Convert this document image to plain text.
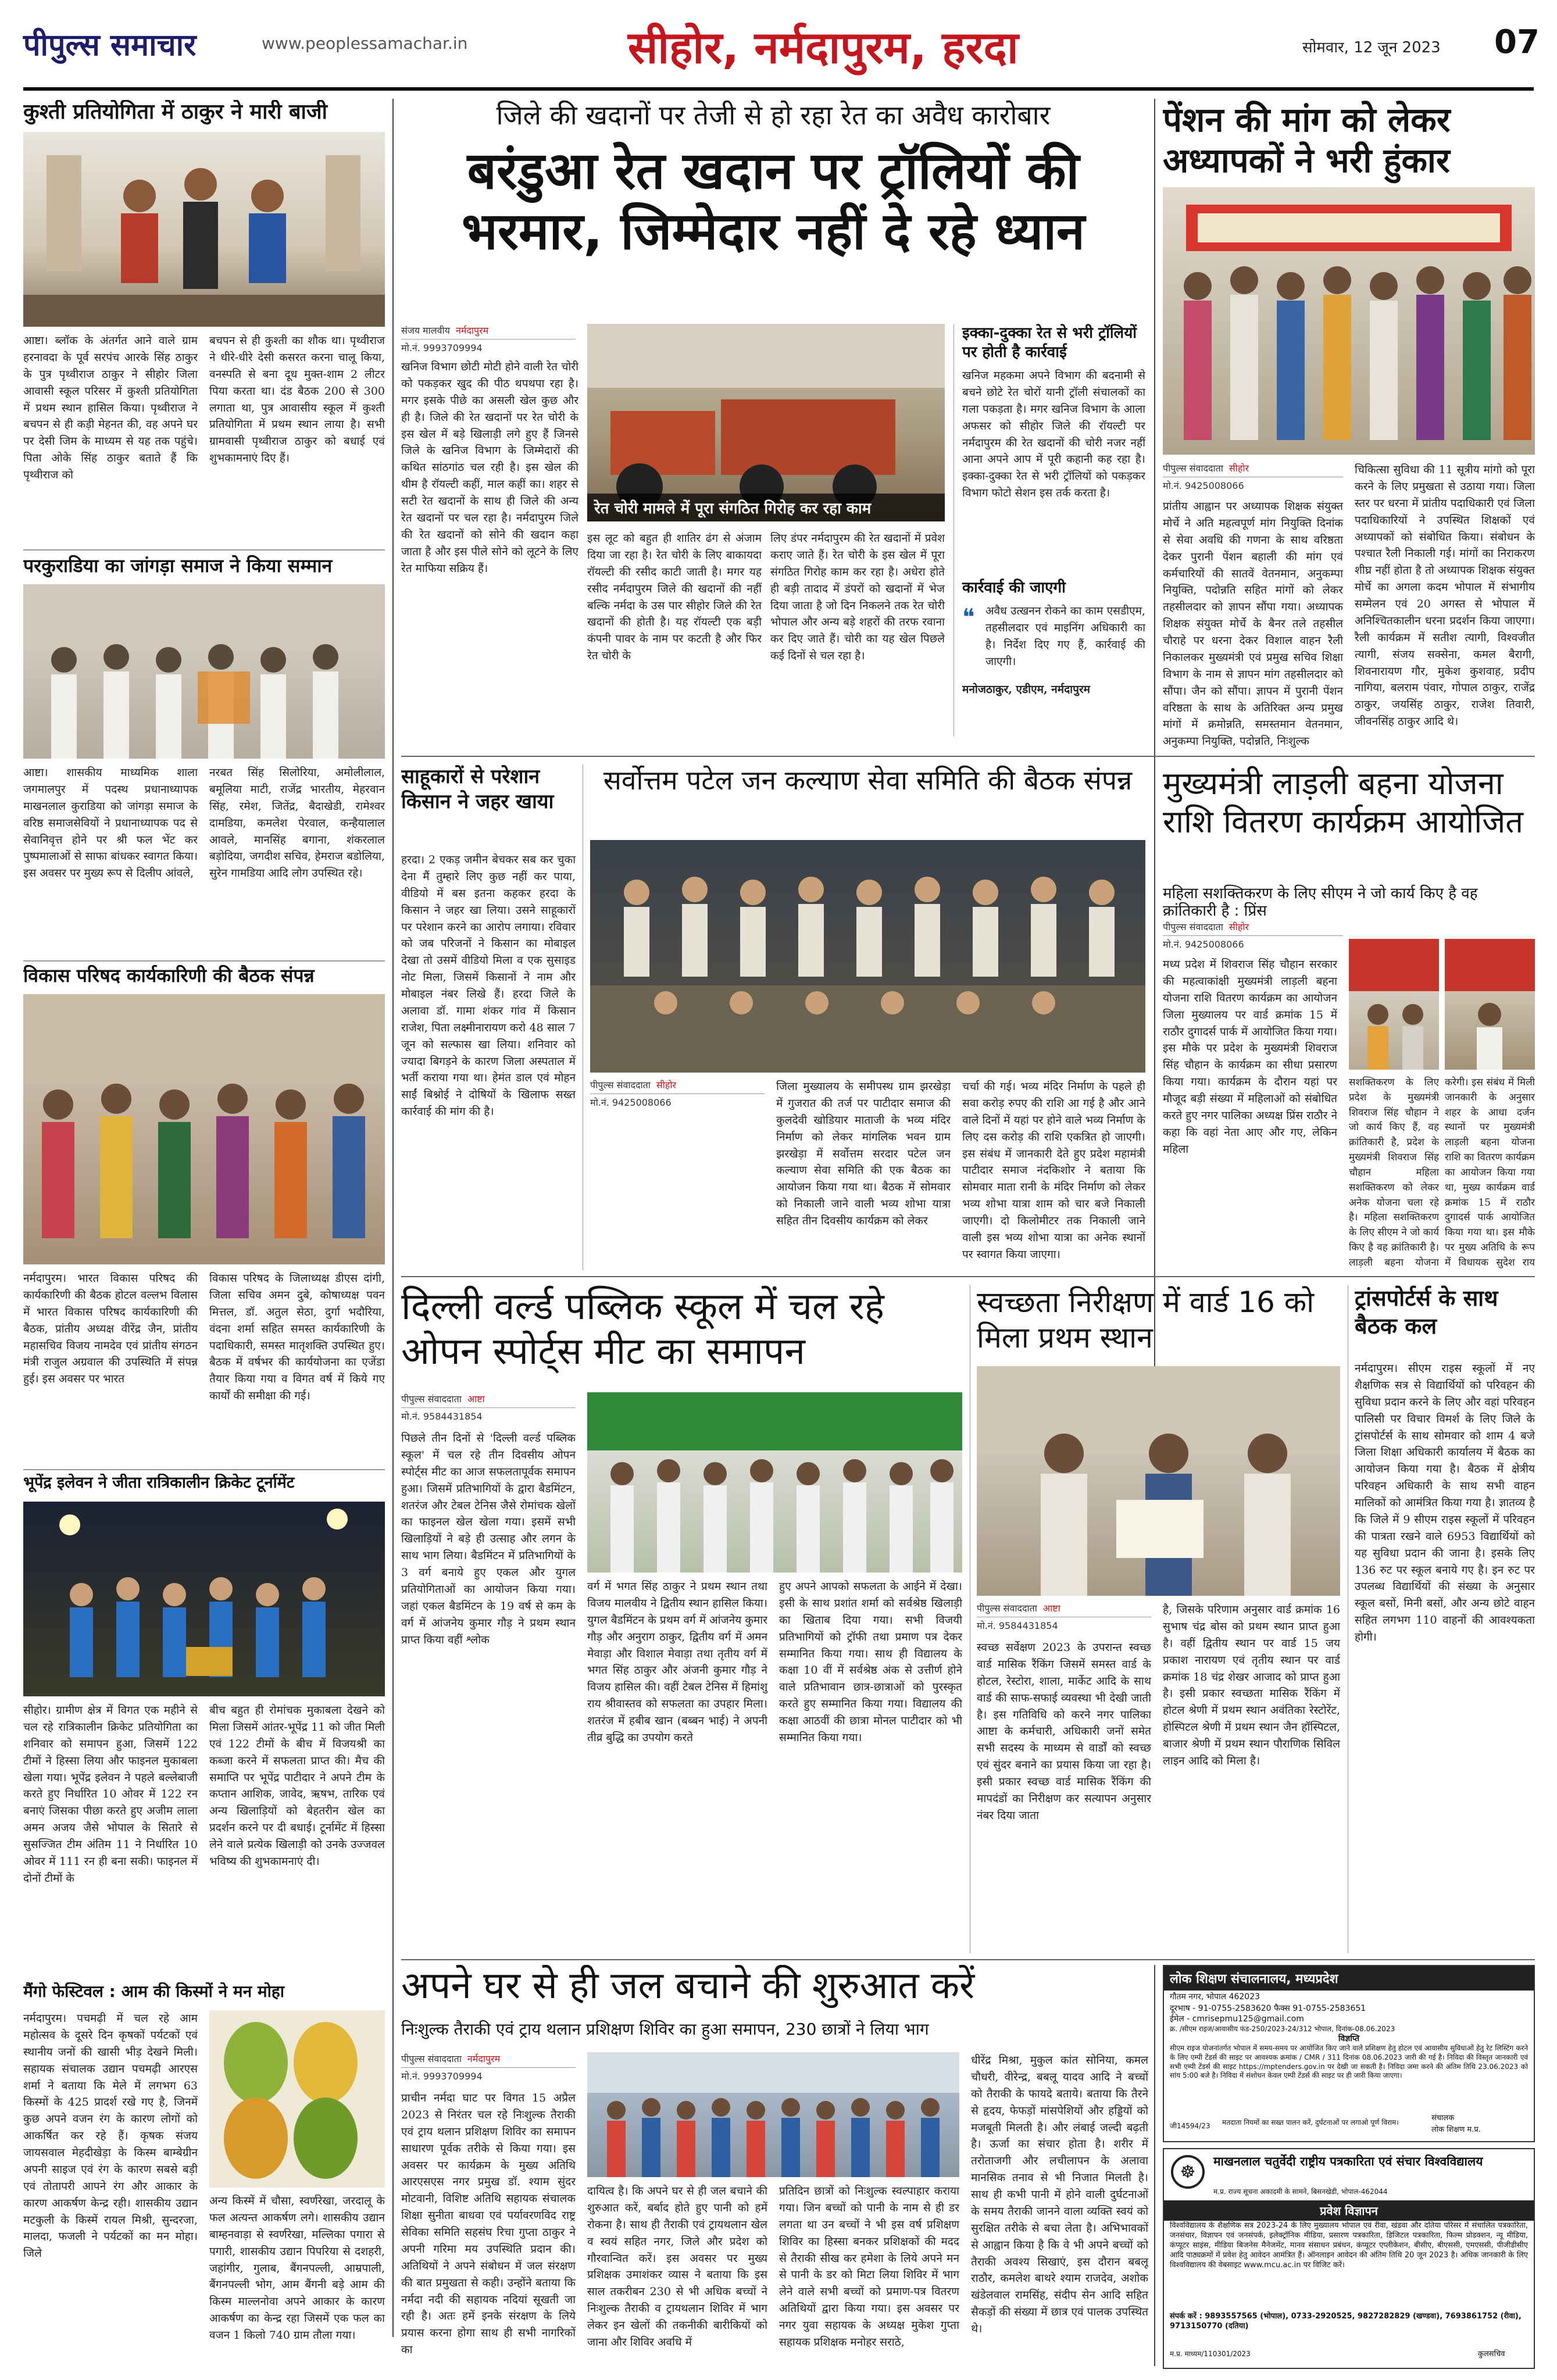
पीपुल्स समाचार	www.peoplessamachar.in	सीहोर, नर्मदापुरम, हरदा	सोमवार, 12 जून 2023 07
कुश्ती प्रतियोगिता में ठाकुर ने मारी बाजी
आष्टा। ब्लॉक के अंतर्गत आने वाले ग्राम हरनावदा के पूर्व सरपंच आरके सिंह ठाकुर के पुत्र पृथ्वीराज ठाकुर ने सीहोर जिला आवासी स्कूल परिसर में कुश्ती प्रतियोगिता में प्रथम स्थान हासिल किया। पृथ्वीराज ने बचपन से ही कड़ी मेहनत की, वह अपने घर पर देसी जिम के माध्यम से यह तक पहुंचे। पिता ओके सिंह ठाकुर बताते हैं कि पृथ्वीराज को
बचपन से ही कुश्ती का शौक था। पृथ्वीराज ने धीरे-धीरे देसी कसरत करना चालू किया, वनस्पति से बना दूध मुक्त-शाम 2 लीटर पिया करता था। दंड बैठक 200 से 300 लगाता था, पुत्र आवासीय स्कूल में कुश्ती प्रतियोगिता में प्रथम स्थान लाया है। सभी ग्रामवासी पृथ्वीराज ठाकुर को बधाई एवं शुभकामनाएं दिए हैं।
परकुराडिया का जांगड़ा समाज ने किया सम्मान
आष्टा। शासकीय माध्यमिक शाला जगमालपुर में पदस्थ प्रधानाध्यापक माखनलाल कुराडिया को जांगड़ा समाज के वरिष्ठ समाजसेवियों ने प्रधानाध्यापक पद से सेवानिवृत्त होने पर श्री फल भेंट कर पुष्पमालाओं से साफा बांधकर स्वागत किया। इस अवसर पर मुख्य रूप से दिलीप आंवले,
नरबत सिंह सिलोरिया, अमोलीलाल, बमूलिया माटी, राजेंद्र भारतीय, मेहरवान सिंह, रमेश, जितेंद्र, बैदाखेडी, रामेश्वर दामडिया, कमलेश पेरवाल, कन्हैयालाल आवले, मानसिंह बगाना, शंकरलाल बड़ोदिया, जगदीश सचिव, हेमराज बडोलिया, सुरेन गामडिया आदि लोग उपस्थित रहे।
विकास परिषद कार्यकारिणी की बैठक संपन्न
नर्मदापुरम। भारत विकास परिषद की कार्यकारिणी की बैठक होटल वल्लभ विलास में भारत विकास परिषद कार्यकारिणी की बैठक, प्रांतीय अध्यक्ष वीरेंद्र जैन, प्रांतीय महासचिव विजय नामदेव एवं प्रांतीय संगठन मंत्री राजुल अग्रवाल की उपस्थिति में संपन्न हुई। इस अवसर पर भारत
विकास परिषद के जिलाध्यक्ष डीएस दांगी, जिला सचिव अमन दुबे, कोषाध्यक्ष पवन मित्तल, डॉ. अतुल सेठा, दुर्गा भदौरिया, वंदना शर्मा सहित समस्त कार्यकारिणी के पदाधिकारी, समस्त मातृशक्ति उपस्थित हुए। बैठक में वर्षभर की कार्ययोजना का एजेंडा तैयार किया गया व विगत वर्ष में किये गए कार्यों की समीक्षा की गई।
भूपेंद्र इलेवन ने जीता रात्रिकालीन क्रिकेट टूर्नामेंट
सीहोर। ग्रामीण क्षेत्र में विगत एक महीने से चल रहे रात्रिकालीन क्रिकेट प्रतियोगिता का शनिवार को समापन हुआ, जिसमें 122 टीमों ने हिस्सा लिया और फाइनल मुकाबला खेला गया। भूपेंद्र इलेवन ने पहले बल्लेबाजी करते हुए निर्धारित 10 ओवर में 122 रन बनाएं जिसका पीछा करते हुए अजीम लाला अमन अजय जैसे भोपाल के सितारे से सुसज्जित टीम अंतिम 11 ने निर्धारित 10 ओवर में 111 रन ही बना सकी। फाइनल में दोनों टीमों के
बीच बहुत ही रोमांचक मुकाबला देखने को मिला जिसमें आंतर-भूपेंद्र 11 को जीत मिली एवं 122 टीमों के बीच में विजयश्री का कब्जा करने में सफलता प्राप्त की। मैच की समाप्ति पर भूपेंद्र पाटीदार ने अपने टीम के कप्तान आशिक, जावेद, ऋषभ, तारिक एवं अन्य खिलाड़ियों को बेहतरीन खेल का प्रदर्शन करने पर दी बधाई। टूर्नामेंट में हिस्सा लेने वाले प्रत्येक खिलाड़ी को उनके उज्जवल भविष्य की शुभकामनाएं दी।
मैंगो फेस्टिवल : आम की किस्मों ने मन मोहा
नर्मदापुरम। पचमढ़ी में चल रहे आम महोत्सव के दूसरे दिन कृषकों पर्यटकों एवं स्थानीय जनों की खासी भीड़ देखने मिली। सहायक संचालक उद्यान पचमढ़ी आरएस शर्मा ने बताया कि मेले में लगभग 63 किस्मों के 425 प्रादर्श रखे गए है, जिनमें कुछ अपने वजन रंग के कारण लोगों को आकर्षित कर रहे हैं। कृषक संजय जायसवाल मेहदीखेड़ा के किस्म बाम्बेग्रीन अपनी साइज एवं रंग के कारण सबसे बड़ी एवं तोतापरी आपने रंग और आकार के कारण आकर्षण केन्द्र रही। शासकीय उद्यान मटकुली के किस्में रायल मिश्री, सुन्दरजा, मालदा, फजली ने पर्यटकों का मन मोहा। जिले
अन्य किस्में में चौसा, स्वर्णरेखा, जरदालू के फल अत्यन्त आकर्षण लगे। शासकीय उद्यान बाम्हनवाड़ा से स्वर्णरेखा, मल्लिका पगारा से पगारी, शासकीय उद्यान पिपरिया से दशहरी, जहांगीर, गुलाब, बैंगनपल्ली, आम्रपाली, बैंगनपल्ली भोग, आम बैंगनी बड़े आम की किस्म माल्लनोवा अपने आकार के कारण आकर्षण का केन्द्र रहा जिसमें एक फल का वजन 1 किलो 740 ग्राम तौला गया।
जिले की खदानों पर तेजी से हो रहा रेत का अवैध कारोबार
बरंडुआ रेत खदान पर ट्रॉलियों की भरमार, जिम्मेदार नहीं दे रहे ध्यान
संजय मालवीय नर्मदापुरम
मो.नं. 9993709994
खनिज विभाग छोटी मोटी होने वाली रेत चोरी को पकड़कर खुद की पीठ थपथपा रहा है। मगर इसके पीछे का असली खेल कुछ और ही है। जिले की रेत खदानों पर रेत चोरी के इस खेल में बड़े खिलाड़ी लगे हुए हैं जिनसे जिले के खनिज विभाग के जिम्मेदारों की कथित सांठगांठ चल रही है। इस खेल की थीम है रॉयल्टी कहीं, माल कहीं का। शहर से सटी रेत खदानों के साथ ही जिले की अन्य रेत खदानों पर चल रहा है। नर्मदापुरम जिले की रेत खदानों को सोने की खदान कहा जाता है और इस पीले सोने को लूटने के लिए रेत माफिया सक्रिय हैं।
रेत चोरी मामले में पूरा संगठित गिरोह कर रहा काम
इस लूट को बहुत ही शातिर ढंग से अंजाम दिया जा रहा है। रेत चोरी के लिए बाकायदा रॉयल्टी की रसीद काटी जाती है। मगर यह रसीद नर्मदापुरम जिले की खदानों की नहीं बल्कि नर्मदा के उस पार सीहोर जिले की रेत खदानों की होती है। यह रॉयल्टी एक बड़ी कंपनी पावर के नाम पर कटती है और फिर रेत चोरी के
लिए डंपर नर्मदापुरम की रेत खदानों में प्रवेश कराए जाते हैं। रेत चोरी के इस खेल में पूरा संगठित गिरोह काम कर रहा है। अधेरा होते ही बड़ी तादाद में डंपरों को खदानों में भेज दिया जाता है जो दिन निकलने तक रेत चोरी भोपाल और अन्य बड़े शहरों की तरफ रवाना कर दिए जाते हैं। चोरी का यह खेल पिछले कई दिनों से चल रहा है।
इक्का-दुक्का रेत से भरी ट्रॉलियों पर होती है कार्रवाई
खनिज महकमा अपने विभाग की बदनामी से बचने छोटे रेत चोरों यानी ट्रॉली संचालकों का गला पकड़ता है। मगर खनिज विभाग के आला अफसर को सीहोर जिले की रॉयल्टी पर नर्मदापुरम की रेत खदानों की चोरी नजर नहीं आना अपने आप में पूरी कहानी कह रहा है। इक्का-दुक्का रेत से भरी ट्रॉलियों को पकड़कर विभाग फोटो सेशन इस तर्क करता है।
कार्रवाई की जाएगी
❝ अवैध उत्खनन रोकने का काम एसडीएम, तहसीलदार एवं माइनिंग अधिकारी का है। निर्देश दिए गए हैं, कार्रवाई की जाएगी।
मनोजठाकुर, एडीएम, नर्मदापुरम
पेंशन की मांग को लेकर अध्यापकों ने भरी हुंकार
पीपुल्स संवाददाता सीहोर
मो.नं. 9425008066
प्रांतीय आह्वान पर अध्यापक शिक्षक संयुक्त मोर्चे ने अति महत्वपूर्ण मांग नियुक्ति दिनांक से सेवा अवधि की गणना के साथ वरिष्ठता देकर पुरानी पेंशन बहाली की मांग एवं कर्मचारियों की सातवें वेतनमान, अनुकम्पा नियुक्ति, पदोन्नति सहित मांगों को लेकर तहसीलदार को ज्ञापन सौंपा गया। अध्यापक शिक्षक संयुक्त मोर्चे के बैनर तले तहसील चौराहे पर धरना देकर विशाल वाहन रैली निकालकर मुख्यमंत्री एवं प्रमुख सचिव शिक्षा विभाग के नाम से ज्ञापन मांग तहसीलदार को सौंपा। जैन को सौंपा। ज्ञापन में पुरानी पेंशन वरिष्ठता के साथ के अतिरिक्त अन्य प्रमुख मांगों में क्रमोन्नति, समस्तमान वेतनमान, अनुकम्पा नियुक्ति, पदोन्नति, निःशुल्क
चिकित्सा सुविधा की 11 सूत्रीय मांगो को पूरा करने के लिए प्रमुखता से उठाया गया। जिला स्तर पर धरना में प्रांतीय पदाधिकारी एवं जिला पदाधिकारियों ने उपस्थित शिक्षकों एवं अध्यापकों को संबोधित किया। संबोधन के पश्चात रैली निकाली गई। मांगों का निराकरण शीघ्र नहीं होता है तो अध्यापक शिक्षक संयुक्त मोर्चे का अगला कदम भोपाल में संभागीय सम्मेलन एवं 20 अगस्त से भोपाल में अनिश्चितकालीन धरना प्रदर्शन किया जाएगा। रैली कार्यक्रम में सतीश त्यागी, विश्वजीत त्यागी, संजय सक्सेना, कमल बैरागी, शिवनारायण गौर, मुकेश कुशवाह, प्रदीप नागिया, बलराम पंवार, गोपाल ठाकुर, राजेंद्र ठाकुर, जयसिंह ठाकुर, राजेश तिवारी, जीवनसिंह ठाकुर आदि थे।
साहूकारों से परेशान किसान ने जहर खाया
हरदा। 2 एकड़ जमीन बेचकर सब कर चुका देना मैं तुम्हारे लिए कुछ नहीं कर पाया, वीडियो में बस इतना कहकर हरदा के किसान ने जहर खा लिया। उसने साहूकारों पर परेशान करने का आरोप लगाया। रविवार को जब परिजनों ने किसान का मोबाइल देखा तो उसमें वीडियो मिला व एक सुसाइड नोट मिला, जिसमें किसानों ने नाम और मोबाइल नंबर लिखे हैं। हरदा जिले के अलावा डॉ. गामा शंकर गांव में किसान राजेश, पिता लक्ष्मीनारायण करो 48 साल 7 जून को सल्फास खा लिया। शनिवार को ज्यादा बिगड़ने के कारण जिला अस्पताल में भर्ती कराया गया था। हेमंत डाल एवं मोहन साईं बिश्नोई ने दोषियों के खिलाफ सख्त कार्रवाई की मांग की है।
सर्वोत्तम पटेल जन कल्याण सेवा समिति की बैठक संपन्न
पीपुल्स संवाददाता सीहोर
मो.नं. 9425008066
जिला मुख्यालय के समीपस्थ ग्राम झरखेड़ा में गुजरात की तर्ज पर पाटीदार समाज की कुलदेवी खोडियार माताजी के भव्य मंदिर निर्माण को लेकर मांगलिक भवन ग्राम झरखेड़ा में सर्वोत्तम सरदार पटेल जन कल्याण सेवा समिति की एक बैठक का आयोजन किया गया था। बैठक में सोमवार को निकाली जाने वाली भव्य शोभा यात्रा सहित तीन दिवसीय कार्यक्रम को लेकर
चर्चा की गई। भव्य मंदिर निर्माण के पहले ही सवा करोड़ रुपए की राशि आ गई है और आने वाले दिनों में यहां पर होने वाले भव्य निर्माण के लिए दस करोड़ की राशि एकत्रित हो जाएगी। इस संबंध में जानकारी देते हुए प्रदेश महामंत्री पाटीदार समाज नंदकिशोर ने बताया कि सोमवार माता रानी के मंदिर निर्माण को लेकर भव्य शोभा यात्रा शाम को चार बजे निकाली जाएगी। दो किलोमीटर तक निकाली जाने वाली इस भव्य शोभा यात्रा का अनेक स्थानों पर स्वागत किया जाएगा।
मुख्यमंत्री लाड़ली बहना योजना राशि वितरण कार्यक्रम आयोजित
महिला सशक्तिकरण के लिए सीएम ने जो कार्य किए है वह क्रांतिकारी है : प्रिंस
पीपुल्स संवाददाता सीहोर
मो.नं. 9425008066
मध्य प्रदेश में शिवराज सिंह चौहान सरकार की महत्वाकांक्षी मुख्यमंत्री लाड़ली बहना योजना राशि वितरण कार्यक्रम का आयोजन जिला मुख्यालय पर वार्ड क्रमांक 15 में राठौर दुगादर्स पार्क में आयोजित किया गया। इस मौके पर प्रदेश के मुख्यमंत्री शिवराज सिंह चौहान के कार्यक्रम का सीधा प्रसारण किया गया। कार्यक्रम के दौरान यहां पर मौजूद बड़ी संख्या में महिलाओं को संबोधित करते हुए नगर पालिका अध्यक्ष प्रिंस राठौर ने कहा कि वहां नेता आए और गए, लेकिन महिला
सशक्तिकरण के लिए प्रदेश के मुख्यमंत्री शिवराज सिंह चौहान ने जो कार्य किए हैं, वह क्रांतिकारी है, प्रदेश के मुख्यमंत्री शिवराज सिंह चौहान महिला सशक्तिकरण को लेकर अनेक योजना चला रहे है। महिला सशक्तिकरण के लिए सीएम ने जो कार्य किए है वह क्रांतिकारी है। लाड़ली बहना योजना
करेगी। इस संबंध में मिली जानकारी के अनुसार शहर के आधा दर्जन स्थानों पर मुख्यमंत्री लाड़ली बहना योजना राशि का वितरण कार्यक्रम का आयोजन किया गया था, मुख्य कार्यक्रम वार्ड क्रमांक 15 में राठौर दुगादर्स पार्क आयोजित किया गया था। इस मौके पर मुख्य अतिथि के रूप में विधायक सुदेश राय
दिल्ली वर्ल्ड पब्लिक स्कूल में चल रहे ओपन स्पोर्ट्स मीट का समापन
पीपुल्स संवाददाता आष्टा
मो.नं. 9584431854
पिछले तीन दिनों से 'दिल्ली वर्ल्ड पब्लिक स्कूल' में चल रहे तीन दिवसीय ओपन स्पोर्ट्स मीट का आज सफलतापूर्वक समापन हुआ। जिसमें प्रतिभागियों के द्वारा बैडमिंटन, शतरंज और टेबल टेनिस जैसे रोमांचक खेलों का फाइनल खेल खेला गया। इसमें सभी खिलाड़ियों ने बड़े ही उत्साह और लगन के साथ भाग लिया। बैडमिंटन में प्रतिभागियों के 3 वर्ग बनाये हुए एकल और युगल प्रतियोगिताओं का आयोजन किया गया। जहां एकल बैडमिंटन के 19 वर्ष से कम के वर्ग में आंजनेय कुमार गौड़ ने प्रथम स्थान प्राप्त किया वहीं श्लोक
वर्ग में भगत सिंह ठाकुर ने प्रथम स्थान तथा विजय मालवीय ने द्वितीय स्थान हासिल किया। युगल बैडमिंटन के प्रथम वर्ग में आंजनेय कुमार गौड़ और अनुराग ठाकुर, द्वितीय वर्ग में अमन मेवाड़ा और विशाल मेवाड़ा तथा तृतीय वर्ग में भगत सिंह ठाकुर और अंजनी कुमार गौड़ ने विजय हासिल की। वहीं टेबल टेनिस में हिमांशु राय श्रीवास्तव को सफलता का उपहार मिला। शतरंज में हबीब खान (बब्बन भाई) ने अपनी तीव्र बुद्धि का उपयोग करते
हुए अपने आपको सफलता के आईने में देखा। इसी के साथ प्रशांत शर्मा को सर्वश्रेष्ठ खिलाड़ी का खिताब दिया गया। सभी विजयी प्रतिभागियों को ट्रॉफी तथा प्रमाण पत्र देकर सम्मानित किया गया। साथ ही विद्यालय के कक्षा 10 वीं में सर्वश्रेष्ठ अंक से उत्तीर्ण होने वाले प्रतिभावान छात्र-छात्राओं को पुरस्कृत करते हुए सम्मानित किया गया। विद्यालय की कक्षा आठवीं की छात्रा मोनल पाटीदार को भी सम्मानित किया गया।
स्वच्छता निरीक्षण में वार्ड 16 को मिला प्रथम स्थान
पीपुल्स संवाददाता आष्टा
मो.नं. 9584431854
स्वच्छ सर्वेक्षण 2023 के उपरान्त स्वच्छ वार्ड मासिक रैंकिंग जिसमें समस्त वार्ड के होटल, रेस्टोरा, शाला, मार्केट आदि के साथ वार्ड की साफ-सफाई व्यवस्था भी देखी जाती है। इस गतिविधि को करने नगर पालिका आष्टा के कर्मचारी, अधिकारी जनों समेत सभी सदस्य के माध्यम से वार्डों को स्वच्छ एवं सुंदर बनाने का प्रयास किया जा रहा है। इसी प्रकार स्वच्छ वार्ड मासिक रैंकिंग की मापदंडों का निरीक्षण कर सत्यापन अनुसार नंबर दिया जाता
है, जिसके परिणाम अनुसार वार्ड क्रमांक 16 सुभाष चंद्र बोस को प्रथम स्थान प्राप्त हुआ है। वहीं द्वितीय स्थान पर वार्ड 15 जय प्रकाश नारायण एवं तृतीय स्थान पर वार्ड क्रमांक 18 चंद्र शेखर आजाद को प्राप्त हुआ है। इसी प्रकार स्वच्छता मासिक रैंकिंग में होटल श्रेणी में प्रथम स्थान अवंतिका रेस्टोरेंट, होस्पिटल श्रेणी में प्रथम स्थान जैन हॉस्पिटल, बाजार श्रेणी में प्रथम स्थान पौराणिक सिविल लाइन आदि को मिला है।
ट्रांसपोर्टर्स के साथ बैठक कल
नर्मदापुरम। सीएम राइस स्कूलों में नए शैक्षणिक सत्र से विद्यार्थियों को परिवहन की सुविधा प्रदान करने के लिए और वहां परिवहन पालिसी पर विचार विमर्श के लिए जिले के ट्रांसपोर्टर्स के साथ सोमवार को शाम 4 बजे जिला शिक्षा अधिकारी कार्यालय में बैठक का आयोजन किया गया है। बैठक में क्षेत्रीय परिवहन अधिकारी के साथ सभी वाहन मालिकों को आमंत्रित किया गया है। ज्ञातव्य है कि जिले में 9 सीएम राइस स्कूलों में परिवहन की पात्रता रखने वाले 6953 विद्यार्थियों को यह सुविधा प्रदान की जाना है। इसके लिए 136 रुट पर स्कूल बनाये गए है। इन रुट पर उपलब्ध विद्यार्थियों की संख्या के अनुसार स्कूल बसों, मिनी बसों, और अन्य छोटे वाहन सहित लगभग 110 वाहनों की आवश्यकता होगी।
अपने घर से ही जल बचाने की शुरुआत करें
निःशुल्क तैराकी एवं ट्राय थलान प्रशिक्षण शिविर का हुआ समापन, 230 छात्रों ने लिया भाग
पीपुल्स संवाददाता नर्मदापुरम
मो.नं. 9993709994
प्राचीन नर्मदा घाट पर विगत 15 अप्रैल 2023 से निरंतर चल रहे निःशुल्क तैराकी एवं ट्राय थलान प्रशिक्षण शिविर का समापन साधारण पूर्वक तरीके से किया गया। इस अवसर पर कार्यक्रम के मुख्य अतिथि आरएसएस नगर प्रमुख डॉ. श्याम सुंदर मोटवानी, विशिष्ट अतिथि सहायक संचालक शिक्षा सुनीता बाधवा एवं पर्यावरणविद राष्ट्र सेविका समिति सहसंघ रिचा गुप्ता ठाकुर ने अपनी गरिमा मय उपस्थिति प्रदान की। अतिथियों ने अपने संबोधन में जल संरक्षण की बात प्रमुखता से कही। उन्होंने बताया कि नर्मदा नदी की सहायक नदियां सूखती जा रही है। अतः हमें इनके संरक्षण के लिये प्रयास करना होगा साथ ही सभी नागरिकों का
दायित्व है। कि अपने घर से ही जल बचाने की शुरुआत करें, बर्बाद होते हुए पानी को हमें रोकना है। साथ ही तैराकी एवं ट्रायथलान खेल व स्वयं सहित नगर, जिले और प्रदेश को गौरवान्वित करें। इस अवसर पर मुख्य प्रशिक्षक उमाशंकर व्यास ने बताया कि इस साल तकरीबन 230 से भी अधिक बच्चों ने निःशुल्क तैराकी व ट्रायथलान शिविर में भाग लेकर इन खेलों की तकनीकी बारीकियों को जाना और शिविर अवधि में
प्रतिदिन छात्रों को निःशुल्क स्वल्पाहार कराया गया। जिन बच्चों को पानी के नाम से ही डर लगता था उन बच्चों ने भी इस वर्ष प्रशिक्षण शिविर का हिस्सा बनकर प्रशिक्षकों की मदद से तैराकी सीख कर हमेशा के लिये अपने मन से पानी के डर को मिटा लिया शिविर में भाग लेने वाले सभी बच्चों को प्रमाण-पत्र वितरण अतिथियों द्वारा किया गया। इस अवसर पर नगर युवा सहायक के अध्यक्ष मुकेश गुप्ता सहायक प्रशिक्षक मनोहर सराठे,
धीरेंद्र मिश्रा, मुकुल कांत सोनिया, कमल चौधरी, वीरेन्द्र, बबलू यादव आदि ने बच्चों को तैराकी के फायदे बताये। बताया कि तैरने से हृदय, फेफड़ों मांसपेशियों और हड्डियों को मजबूती मिलती है। और लंबाई जल्दी बढ़ती है। ऊर्जा का संचार होता है। शरीर में तरोताजगी और लचीलापन के अलावा मानसिक तनाव से भी निजात मिलती है। साथ ही कभी पानी में होने वाली दुर्घटनाओं के समय तैराकी जानने वाला व्यक्ति स्वयं को सुरक्षित तरीके से बचा लेता है। अभिभावकों से आह्वान किया है कि वे भी अपने बच्चों को तैराकी अवश्य सिखाएं, इस दौरान बबलू राठौर, कमलेश बाथरे श्याम राजदेव, अशोक खंडेलवाल रामसिंह, संदीप सेन आदि सहित सैकड़ों की संख्या में छात्र एवं पालक उपस्थित थे।
लोक शिक्षण संचालनालय, मध्यप्रदेश
गौतम नगर, भोपाल 462023
दूरभाष - 91-0755-2583620 फैक्स 91-0755-2583651
ईमेल - cmrisepmu125@gmail.com
क्र. /सीएम राइज/आवासीय फंड-250/2023-24/312 भोपाल, दिनांक-08.06.2023
विज्ञप्ति
सीएम राइज योजनांतर्गत भोपाल में समय-समय पर आयोजित किए जाने वाले प्रशिक्षण हेतु होटल एवं आवासीय सुविधाओं हेतु रेट लिस्टिंग करने के लिए एम्पी टेंडर्स की साइट पर आवश्यक क्रमांक / CMR / 311 दिनांक 08.06.2023 जारी की गई है। निविदा की विस्तृत जानकारी एवं सभी एम्पी टेंडर्स की साइट https://mptenders.gov.in पर देखी जा सकती है। निविदा जमा करने की अंतिम तिथि 23.06.2023 को सांय 5:00 बजे है। निविदा में संशोधन केवल एम्पी टेंडर्स की साइट पर ही जारी किया जाएगा।
मतदाता नियमों का सख्त पालन करें, दुर्घटनाओं पर लगाओ पूर्ण विराम।
जी14594/23
संचालक
लोक शिक्षण म.प्र.
☸
माखनलाल चतुर्वेदी राष्ट्रीय पत्रकारिता एवं संचार विश्वविद्यालय
म.प्र. राज्य सूचना अकादमी के सामने, बिसनखेडी, भोपाल-462044
प्रवेश विज्ञापन
विश्वविद्यालय के शैक्षणिक सत्र 2023-24 के लिए मुख्यालय भोपाल एवं रीवा, खंडवा और दतिया परिसर में संचालित पत्रकारिता, जनसंचार, विज्ञापन एवं जनसंपर्क, इलेक्ट्रॉनिक मीडिया, प्रसारण पत्रकारिता, डिजिटल पत्रकारिता, फिल्म प्रोडक्शन, न्यू मीडिया, कंप्यूटर साइंस, मीडिया बिजनेस मैनेजमेंट, मानव संसाधन प्रबंधन, कंप्यूटर एप्लीकेशन, बीसीए, बीएससी, एमएससी, पीजीडीसीए आदि पाठ्यक्रमों में प्रवेश हेतु आवेदन आमंत्रित हैं। ऑनलाइन आवेदन की अंतिम तिथि 20 जून 2023 है। अधिक जानकारी के लिए विश्वविद्यालय की वेबसाइट www.mcu.ac.in पर विजिट करें।
संपर्क करें : 9893557565 (भोपाल), 0733-2920525, 9827282829 (खण्डवा), 7693861752 (रीवा), 9713150770 (दतिया)
म.प्र. माध्यम/110301/2023	कुलसचिव
